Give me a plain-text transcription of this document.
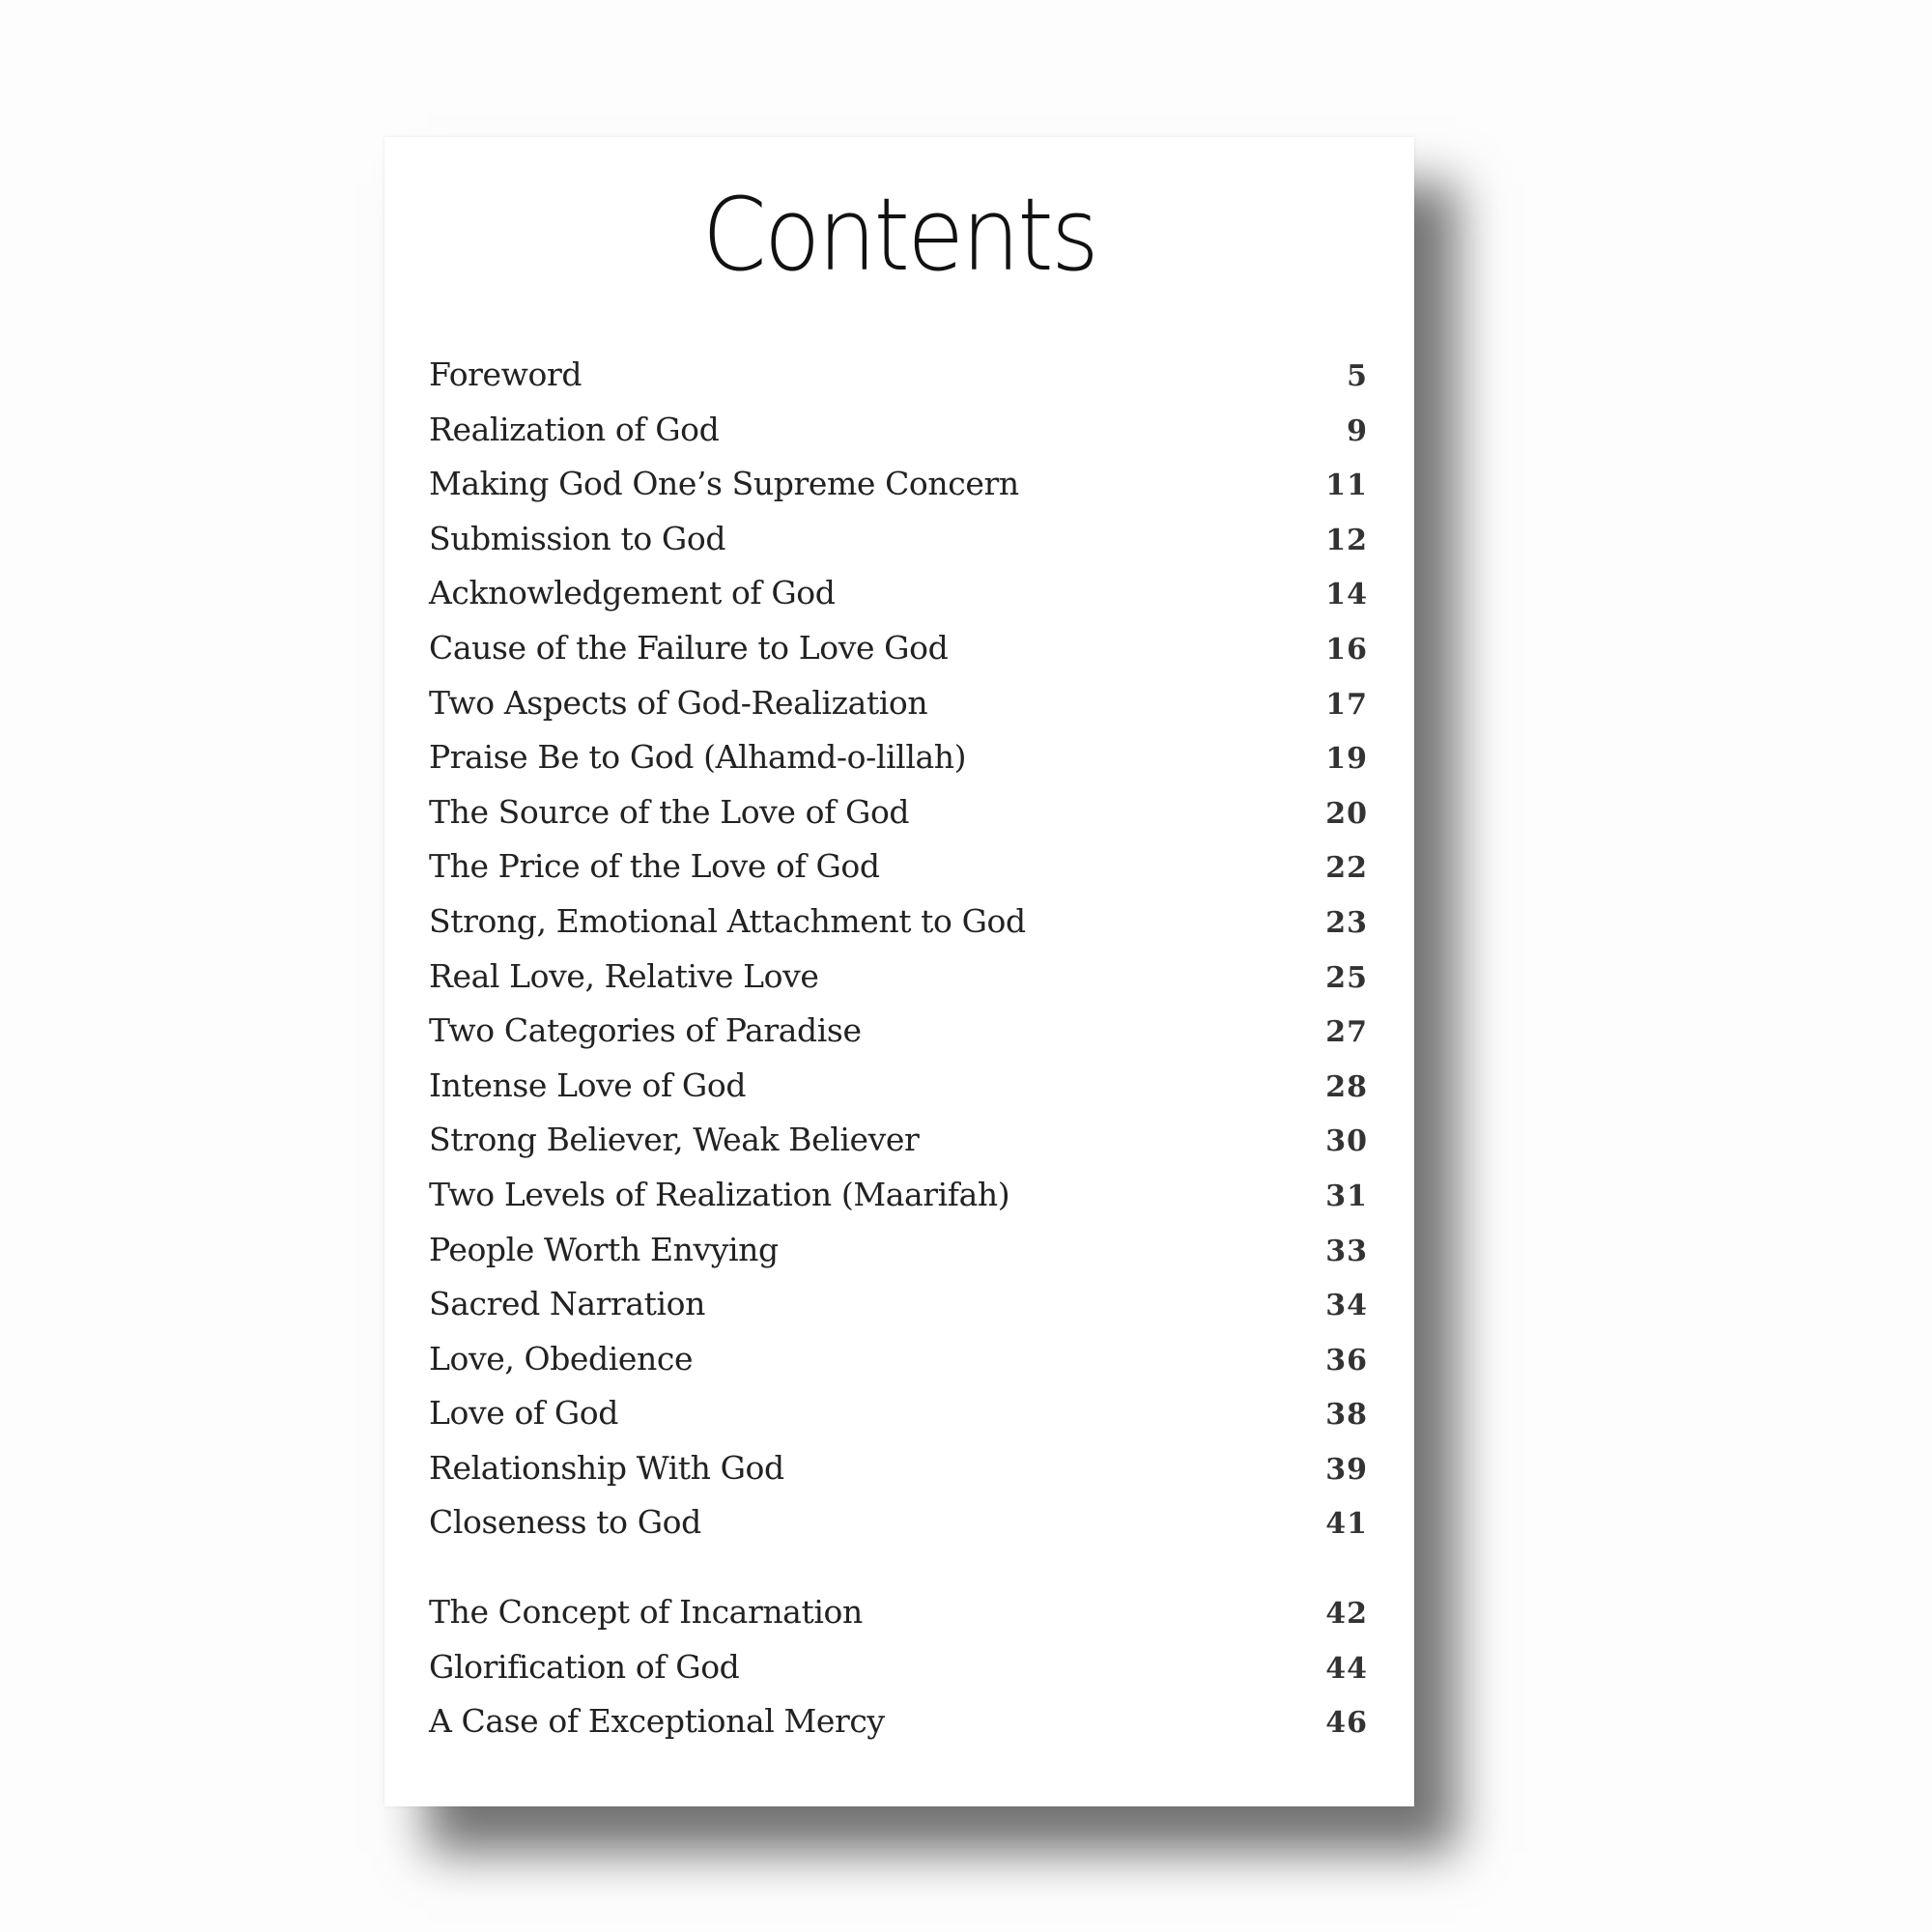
Contents
Foreword	5
Realization of God	9
Making God One’s Supreme Concern	11
Submission to God	12
Acknowledgement of God	14
Cause of the Failure to Love God	16
Two Aspects of God-Realization	17
Praise Be to God (Alhamd-o-lillah)	19
The Source of the Love of God	20
The Price of the Love of God	22
Strong, Emotional Attachment to God	23
Real Love, Relative Love	25
Two Categories of Paradise	27
Intense Love of God	28
Strong Believer, Weak Believer	30
Two Levels of Realization (Maarifah)	31
People Worth Envying	33
Sacred Narration	34
Love, Obedience	36
Love of God	38
Relationship With God	39
Closeness to God	41
The Concept of Incarnation	42
Glorification of God	44
A Case of Exceptional Mercy	46
